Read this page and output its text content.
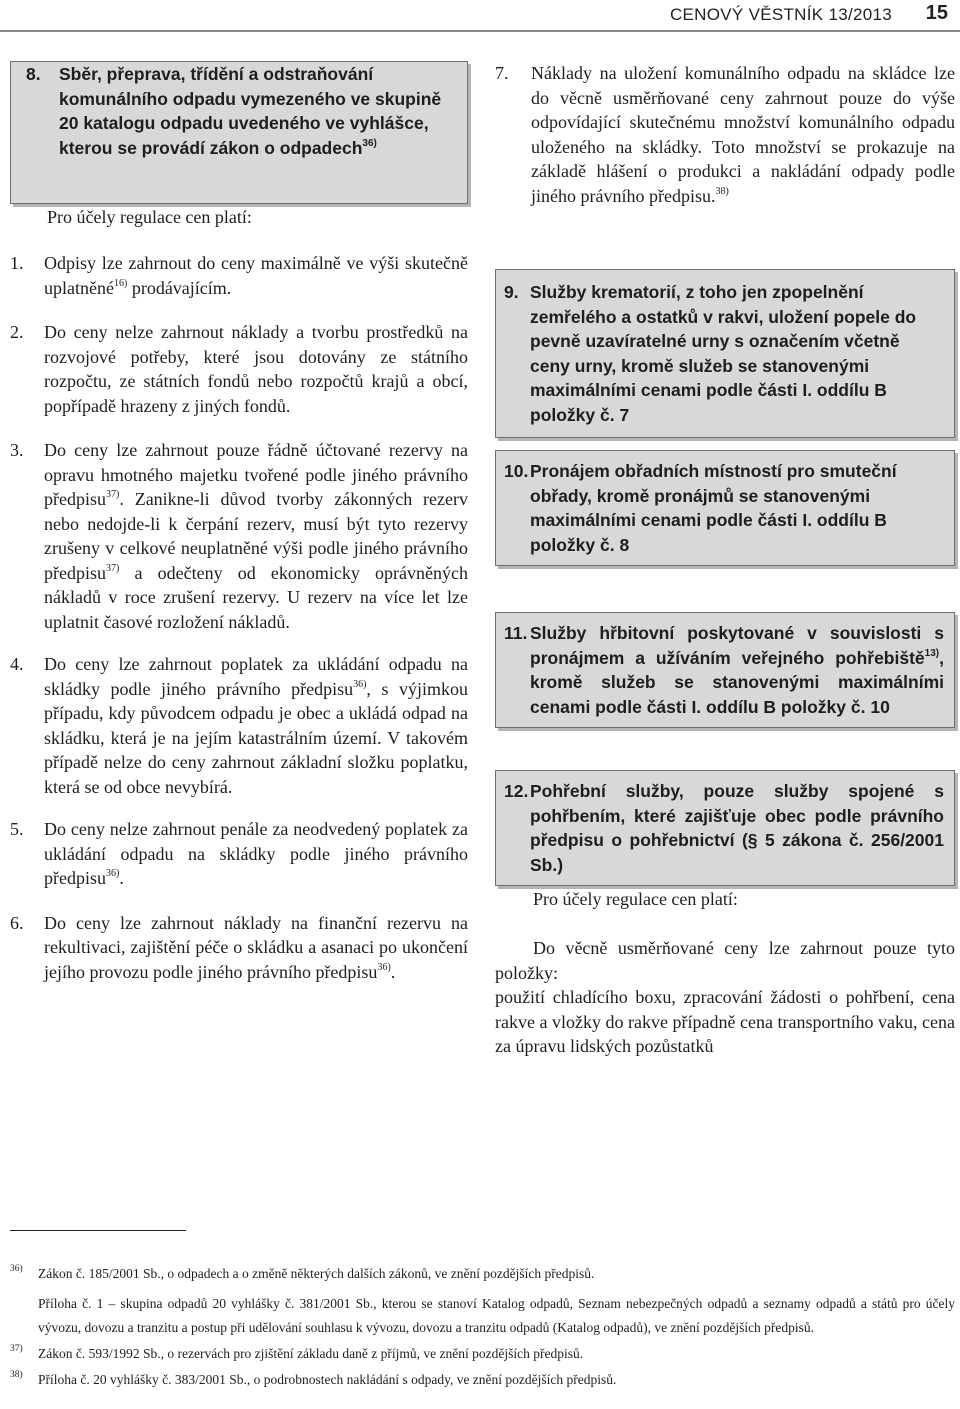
CENOVÝ VĚSTNÍK 13/2013 15
8.	Sběr, přeprava, třídění a odstraňování komunálního odpadu vymezeného ve skupině 20 katalogu odpadu uvedeného ve vyhlášce, kterou se provádí zákon o odpadech$^{36)}$
Pro účely regulace cen platí:
1.	Odpisy lze zahrnout do ceny maximálně ve výši skutečně uplatněné$^{16)}$ prodávajícím.
2.	Do ceny nelze zahrnout náklady a tvorbu prostředků na rozvojové potřeby, které jsou dotovány ze státního rozpočtu, ze státních fondů nebo rozpočtů krajů a obcí, popřípadě hrazeny z jiných fondů.
3.	Do ceny lze zahrnout pouze řádně účtované rezervy na opravu hmotného majetku tvořené podle jiného právního předpisu$^{37)}$. Zanikne-li důvod tvorby zákonných rezerv nebo nedojde-li k čerpání rezerv, musí být tyto rezervy zrušeny v celkové neuplatněné výši podle jiného právního předpisu$^{37)}$ a odečteny od ekonomicky oprávněných nákladů v roce zrušení rezervy. U rezerv na více let lze uplatnit časové rozložení nákladů.
4.	Do ceny lze zahrnout poplatek za ukládání odpadu na skládky podle jiného právního předpisu$^{36)}$, s výjimkou případu, kdy původcem odpadu je obec a ukládá odpad na skládku, která je na jejím katastrálním území. V takovém případě nelze do ceny zahrnout základní složku poplatku, která se od obce nevybírá.
5.	Do ceny nelze zahrnout penále za neodvedený poplatek za ukládání odpadu na skládky podle jiného právního předpisu$^{36)}$.
6.	Do ceny lze zahrnout náklady na finanční rezervu na rekultivaci, zajištění péče o skládku a asanaci po ukončení jejího provozu podle jiného právního předpisu$^{36)}$.
7.	Náklady na uložení komunálního odpadu na skládce lze do věcně usměrňované ceny zahrnout pouze do výše odpovídající skutečnému množství komunálního odpadu uloženého na skládky. Toto množství se prokazuje na základě hlášení o produkci a nakládání odpady podle jiného právního předpisu.$^{38)}$
9. Služby krematorií, z toho jen zpopelnění zemřelého a ostatků v rakvi, uložení popele do pevně uzavíratelné urny s označením včetně ceny urny, kromě služeb se stanovenými maximálními cenami podle části I. oddílu B položky č. 7
10. Pronájem obřadních místností pro smuteční obřady, kromě pronájmů se stanovenými maximálními cenami podle části I. oddílu B položky č. 8
11. Služby hřbitovní poskytované v souvislosti s pronájmem a užíváním veřejného pohřebiště$^{13)}$, kromě služeb se stanovenými maximálními cenami podle části I. oddílu B položky č. 10
12. Pohřební služby, pouze služby spojené s pohřbením, které zajišťuje obec podle právního předpisu o pohřebnictví (§ 5 zákona č. 256/2001 Sb.)
Pro účely regulace cen platí:
Do věcně usměrňované ceny lze zahrnout pouze tyto položky:
použití chladícího boxu, zpracování žádosti o pohřbení, cena rakve a vložky do rakve případně cena transportního vaku, cena za úpravu lidských pozůstatků
36)	Zákon č. 185/2001 Sb., o odpadech a o změně některých dalších zákonů, ve znění pozdějších předpisů.
Příloha č. 1 – skupina odpadů 20 vyhlášky č. 381/2001 Sb., kterou se stanoví Katalog odpadů, Seznam nebezpečných odpadů a seznamy odpadů a států pro účely vývozu, dovozu a tranzitu a postup při udělování souhlasu k vývozu, dovozu a tranzitu odpadů (Katalog odpadů), ve znění pozdějších předpisů.
37)	Zákon č. 593/1992 Sb., o rezervách pro zjištění základu daně z příjmů, ve znění pozdějších předpisů.
38)	Příloha č. 20 vyhlášky č. 383/2001 Sb., o podrobnostech nakládání s odpady, ve znění pozdějších předpisů.
